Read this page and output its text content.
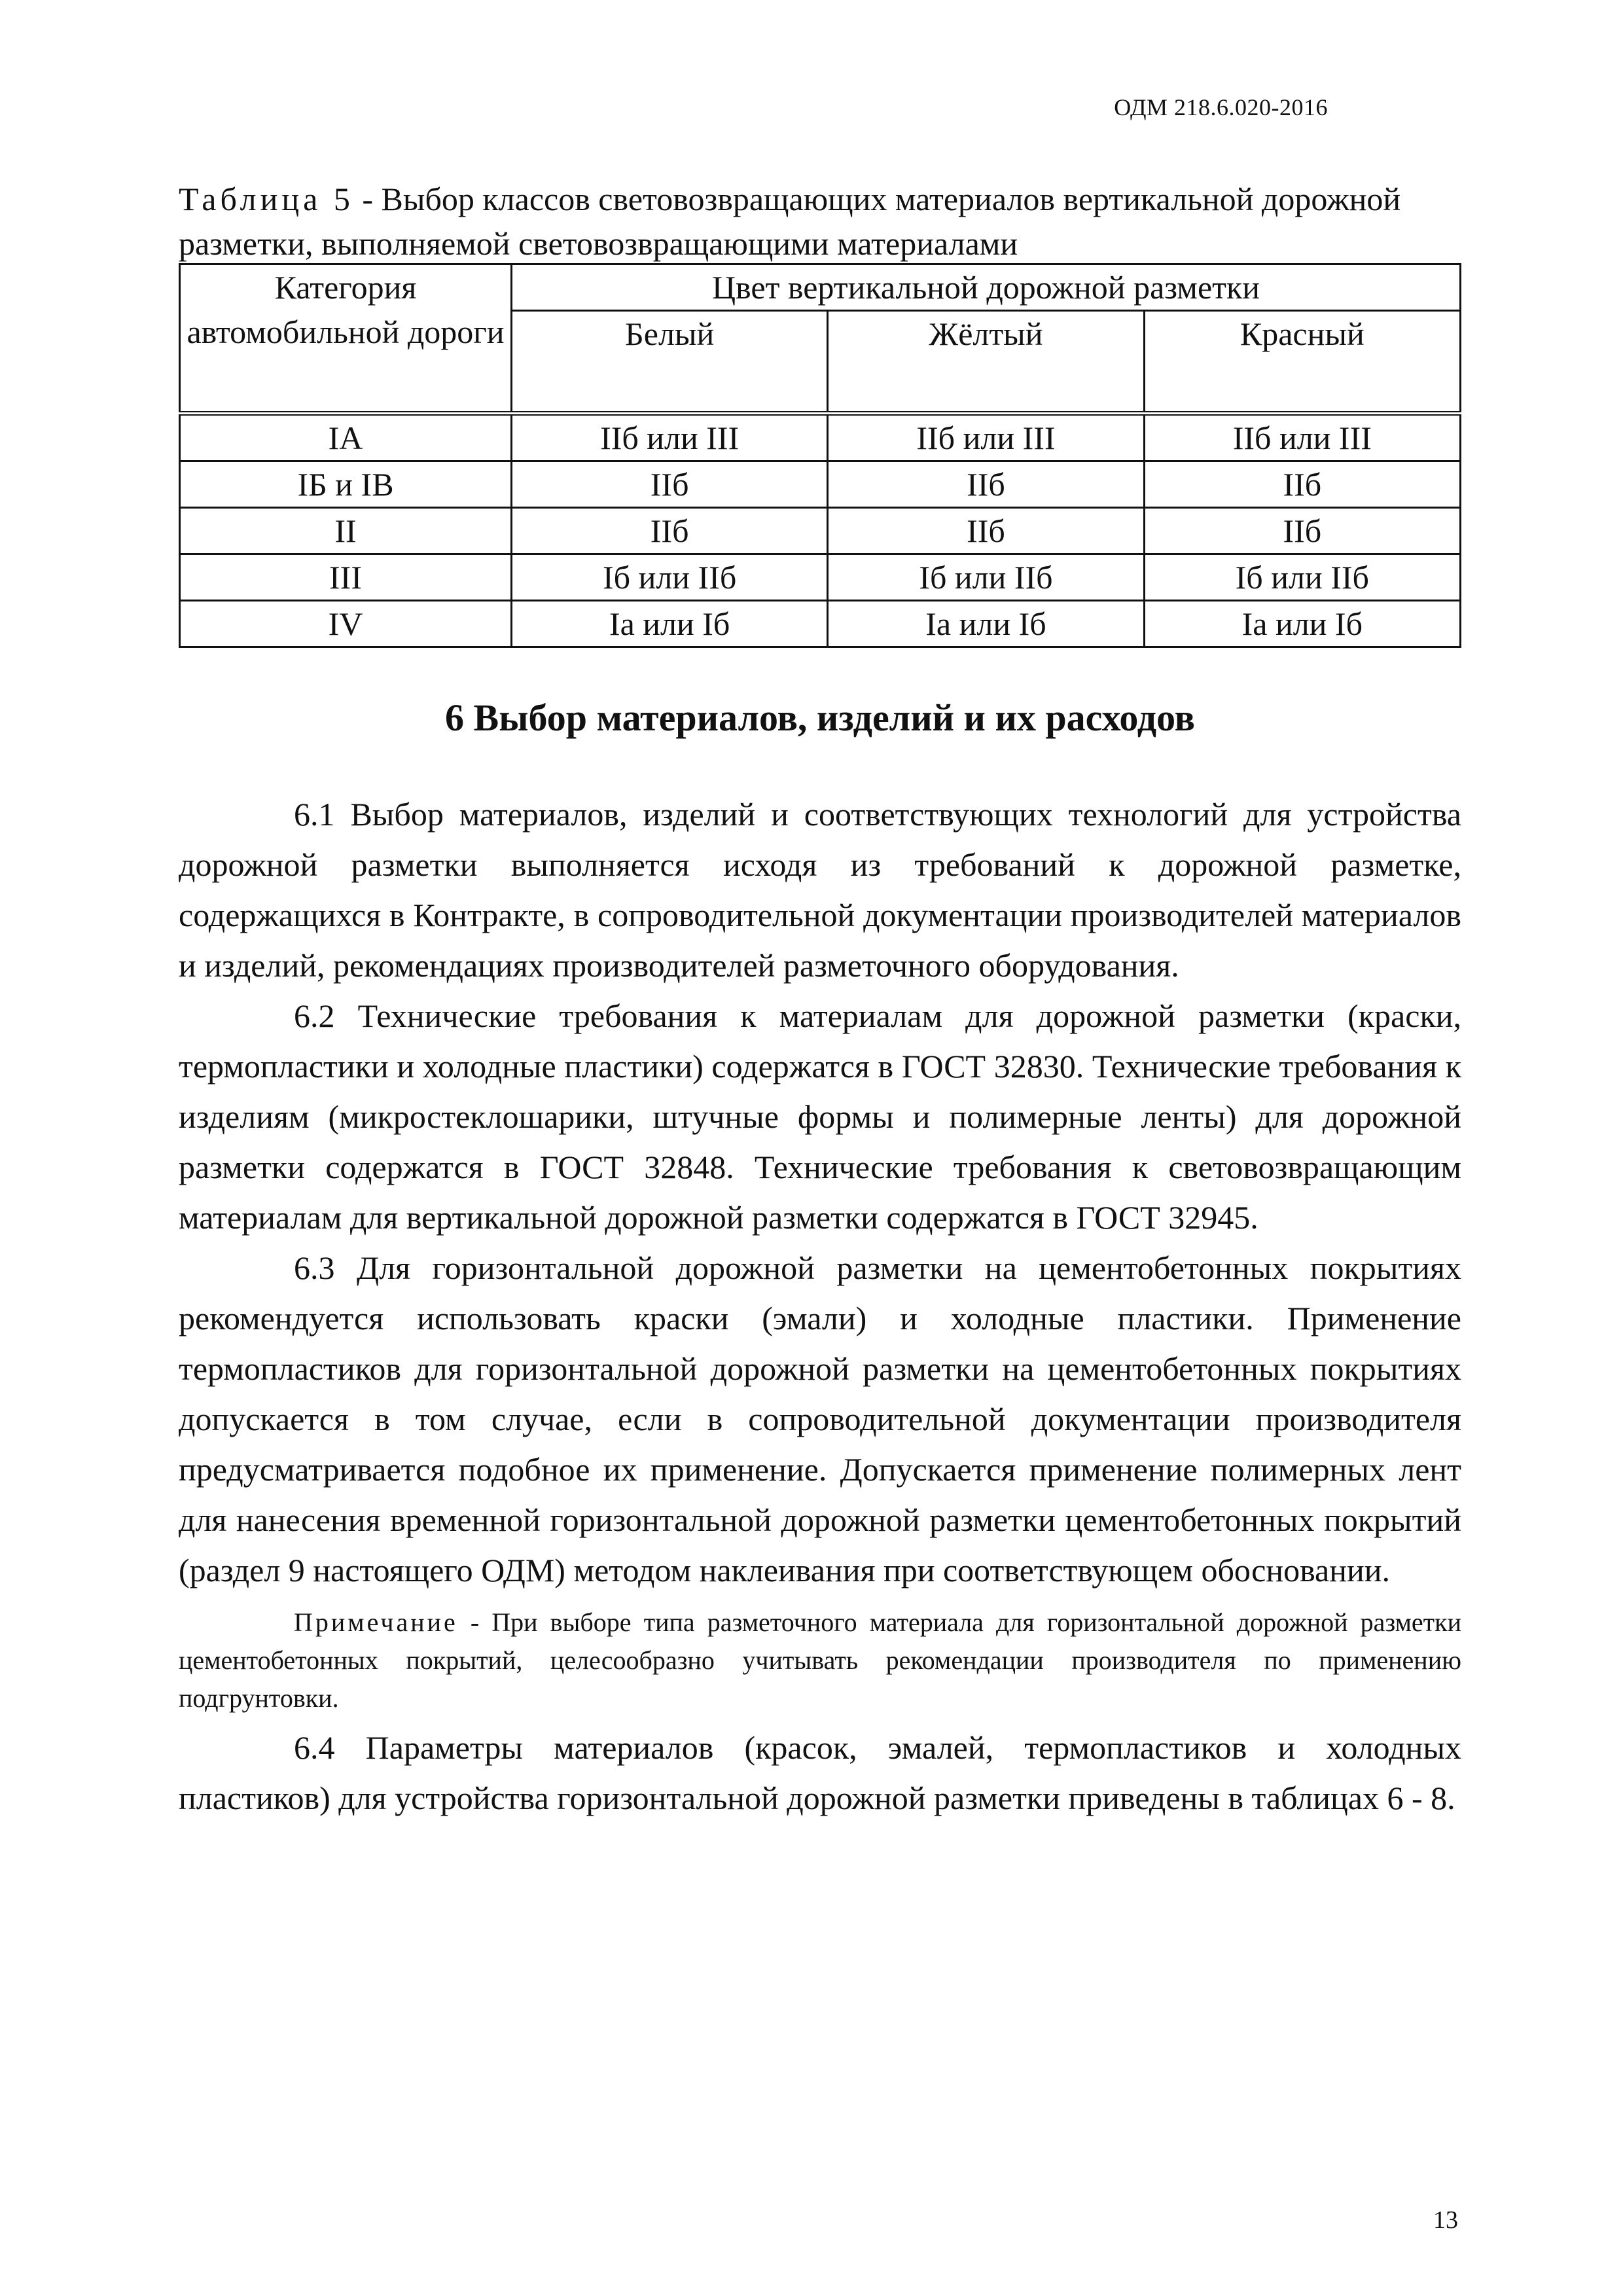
ОДМ 218.6.020-2016
Таблица 5 - Выбор классов световозвращающих материалов вертикальной дорожной разметки, выполняемой световозвращающими материалами
Категория автомобильной дороги	Цвет вертикальной дорожной разметки		
	Белый	Жёлтый	Красный
IA	IIб или III	IIб или III	IIб или III
IБ и IВ	IIб	IIб	IIб
II	IIб	IIб	IIб
III	Iб или IIб	Iб или IIб	Iб или IIб
IV	Iа или Iб	Iа или Iб	Iа или Iб
6 Выбор материалов, изделий и их расходов

6.1 Выбор материалов, изделий и соответствующих технологий для устройства дорожной разметки выполняется исходя из требований к дорожной разметке, содержащихся в Контракте, в сопроводительной документации производителей материалов и изделий, рекомендациях производителей разметочного оборудования.

6.2 Технические требования к материалам для дорожной разметки (краски, термопластики и холодные пластики) содержатся в ГОСТ 32830. Технические требования к изделиям (микростеклошарики, штучные формы и полимерные ленты) для дорожной разметки содержатся в ГОСТ 32848. Технические требования к световозвращающим материалам для вертикальной дорожной разметки содержатся в ГОСТ 32945.

6.3 Для горизонтальной дорожной разметки на цементобетонных покрытиях рекомендуется использовать краски (эмали) и холодные пластики. Применение термопластиков для горизонтальной дорожной разметки на цементобетонных покрытиях допускается в том случае, если в сопроводительной документации производителя предусматривается подобное их применение. Допускается применение полимерных лент для нанесения временной горизонтальной дорожной разметки цементобетонных покрытий (раздел 9 настоящего ОДМ) методом наклеивания при соответствующем обосновании.

Примечание - При выборе типа разметочного материала для горизонтальной дорожной разметки цементобетонных покрытий, целесообразно учитывать рекомендации производителя по применению подгрунтовки.

6.4 Параметры материалов (красок, эмалей, термопластиков и холодных пластиков) для устройства горизонтальной дорожной разметки приведены в таблицах 6 - 8.

13
